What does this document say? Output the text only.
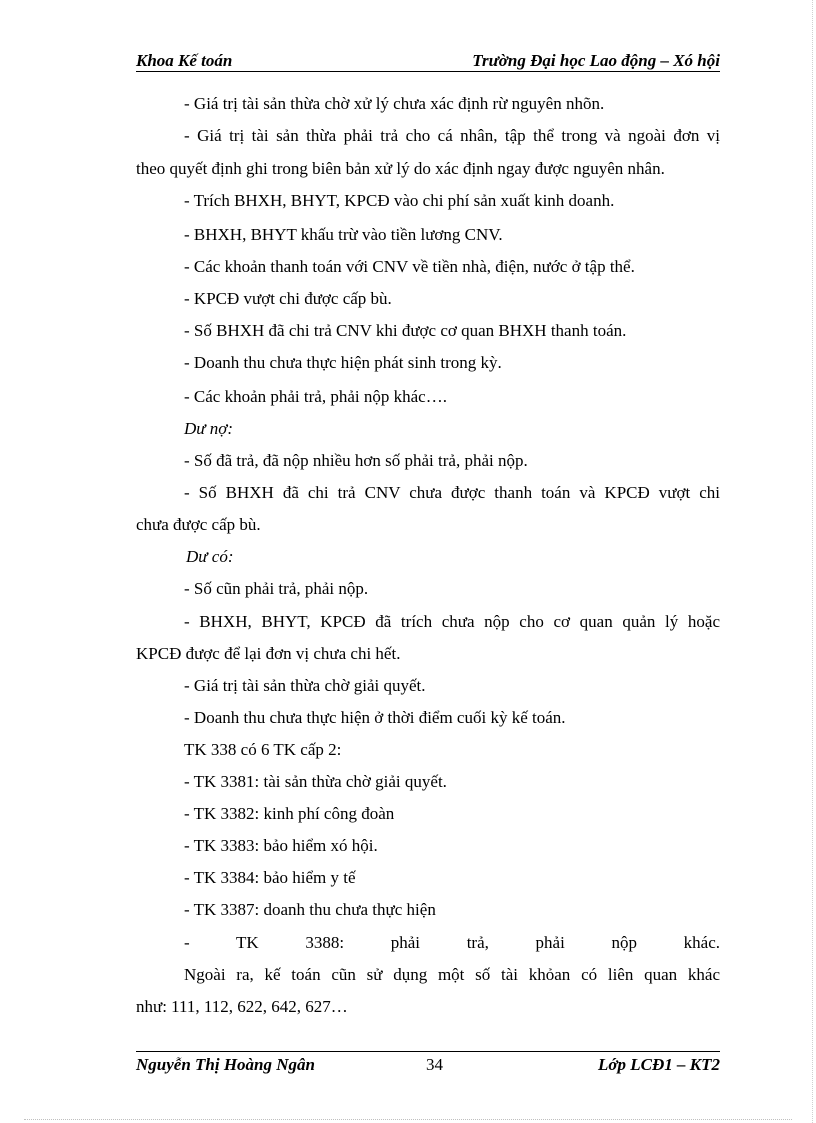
Khoa Kế toán	Trường Đại học Lao động – Xó hội
- Giá trị tài sản thừa chờ xử lý chưa xác định rừ nguyên nhõn.
- Giá trị tài sản thừa phải trả cho cá nhân, tập thể trong và ngoài đơn vị
theo quyết định ghi trong biên bản xử lý do xác định ngay được nguyên nhân.
- Trích BHXH, BHYT, KPCĐ vào chi phí sản xuất kinh doanh.
- BHXH, BHYT khấu trừ vào tiền lương CNV.
- Các khoản thanh toán với CNV về tiền nhà, điện, nước ở tập thể.
- KPCĐ vượt chi được cấp bù.
- Số BHXH đã chi trả CNV khi được cơ quan BHXH thanh toán.
- Doanh thu chưa thực hiện phát sinh trong kỳ.
- Các khoản phải trả, phải nộp khác….
Dư nợ:
- Số đã trả, đã nộp nhiều hơn số phải trả, phải nộp.
- Số BHXH đã chi trả CNV chưa được thanh toán và KPCĐ vượt chi
chưa được cấp bù.
Dư có:
- Số cũn phải trả, phải nộp.
- BHXH, BHYT, KPCĐ đã trích chưa nộp cho cơ quan quản lý hoặc
KPCĐ được để lại đơn vị chưa chi hết.
- Giá trị tài sản thừa chờ giải quyết.
- Doanh thu chưa thực hiện ở thời điểm cuối kỳ kế toán.
TK 338 có 6 TK cấp 2:
- TK 3381: tài sản thừa chờ giải quyết.
- TK 3382: kinh phí công đoàn
- TK 3383: bảo hiểm xó hội.
- TK 3384: bảo hiểm y tế
- TK 3387: doanh thu chưa thực hiện
- TK 3388: phải trả, phải nộp khác.
Ngoài ra, kế toán cũn sử dụng một số tài khỏan có liên quan khác
như: 111, 112, 622, 642, 627…
Nguyễn Thị Hoàng Ngân	34	Lớp LCĐ1 – KT2
